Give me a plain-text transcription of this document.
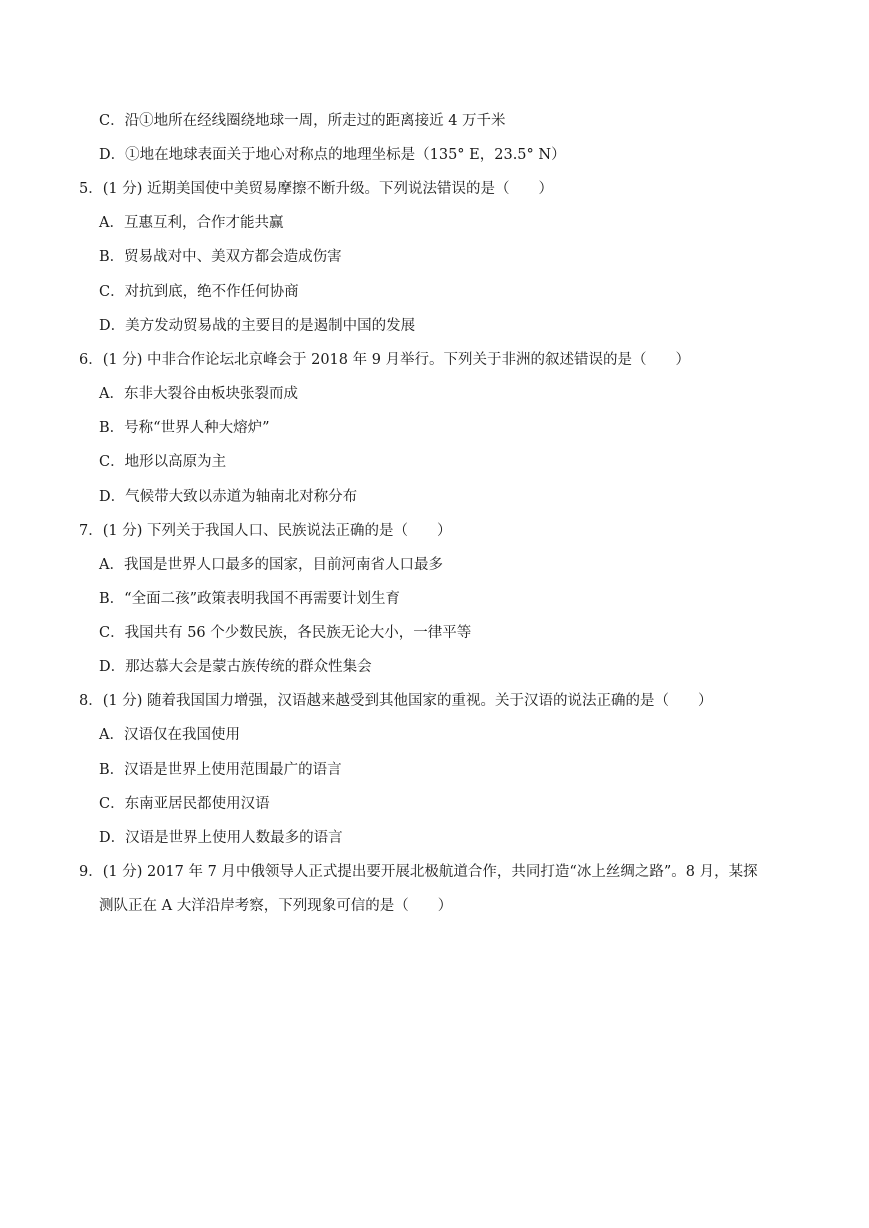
C．沿①地所在经线圈绕地球一周，所走过的距离接近 4 万千米
D．①地在地球表面关于地心对称点的地理坐标是（135° E，23.5° N）
5．(1 分) 近期美国使中美贸易摩擦不断升级。下列说法错误的是（　　）
A．互惠互利，合作才能共赢
B．贸易战对中、美双方都会造成伤害
C．对抗到底，绝不作任何协商
D．美方发动贸易战的主要目的是遏制中国的发展
6．(1 分) 中非合作论坛北京峰会于 2018 年 9 月举行。下列关于非洲的叙述错误的是（　　）
A．东非大裂谷由板块张裂而成
B．号称“世界人种大熔炉”
C．地形以高原为主
D．气候带大致以赤道为轴南北对称分布
7．(1 分) 下列关于我国人口、民族说法正确的是（　　）
A．我国是世界人口最多的国家，目前河南省人口最多
B．“全面二孩”政策表明我国不再需要计划生育
C．我国共有 56 个少数民族，各民族无论大小，一律平等
D．那达慕大会是蒙古族传统的群众性集会
8．(1 分) 随着我国国力增强，汉语越来越受到其他国家的重视。关于汉语的说法正确的是（　　）
A．汉语仅在我国使用
B．汉语是世界上使用范围最广的语言
C．东南亚居民都使用汉语
D．汉语是世界上使用人数最多的语言
9．(1 分) 2017 年 7 月中俄领导人正式提出要开展北极航道合作，共同打造“冰上丝绸之路”。8 月，某探
测队正在 A 大洋沿岸考察，下列现象可信的是（　　）
